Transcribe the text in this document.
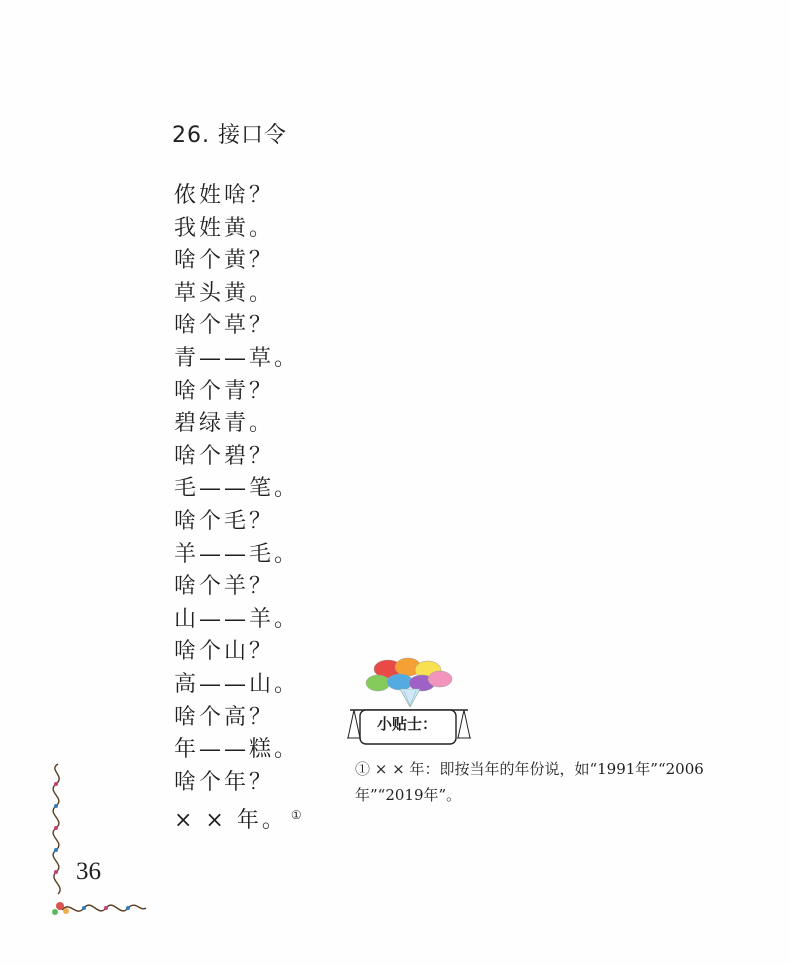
26. 接口令
侬姓啥？
我姓黄。
啥个黄？
草头黄。
啥个草？
青——草。
啥个青？
碧绿青。
啥个碧？
毛——笔。
啥个毛？
羊——毛。
啥个羊？
山——羊。
啥个山？
高——山。
啥个高？
年——糕。
啥个年？
× × 年。 ①
小贴士：

① × × 年：即按当年的年份说，如“1991年”“2006年”“2019年”。

36
